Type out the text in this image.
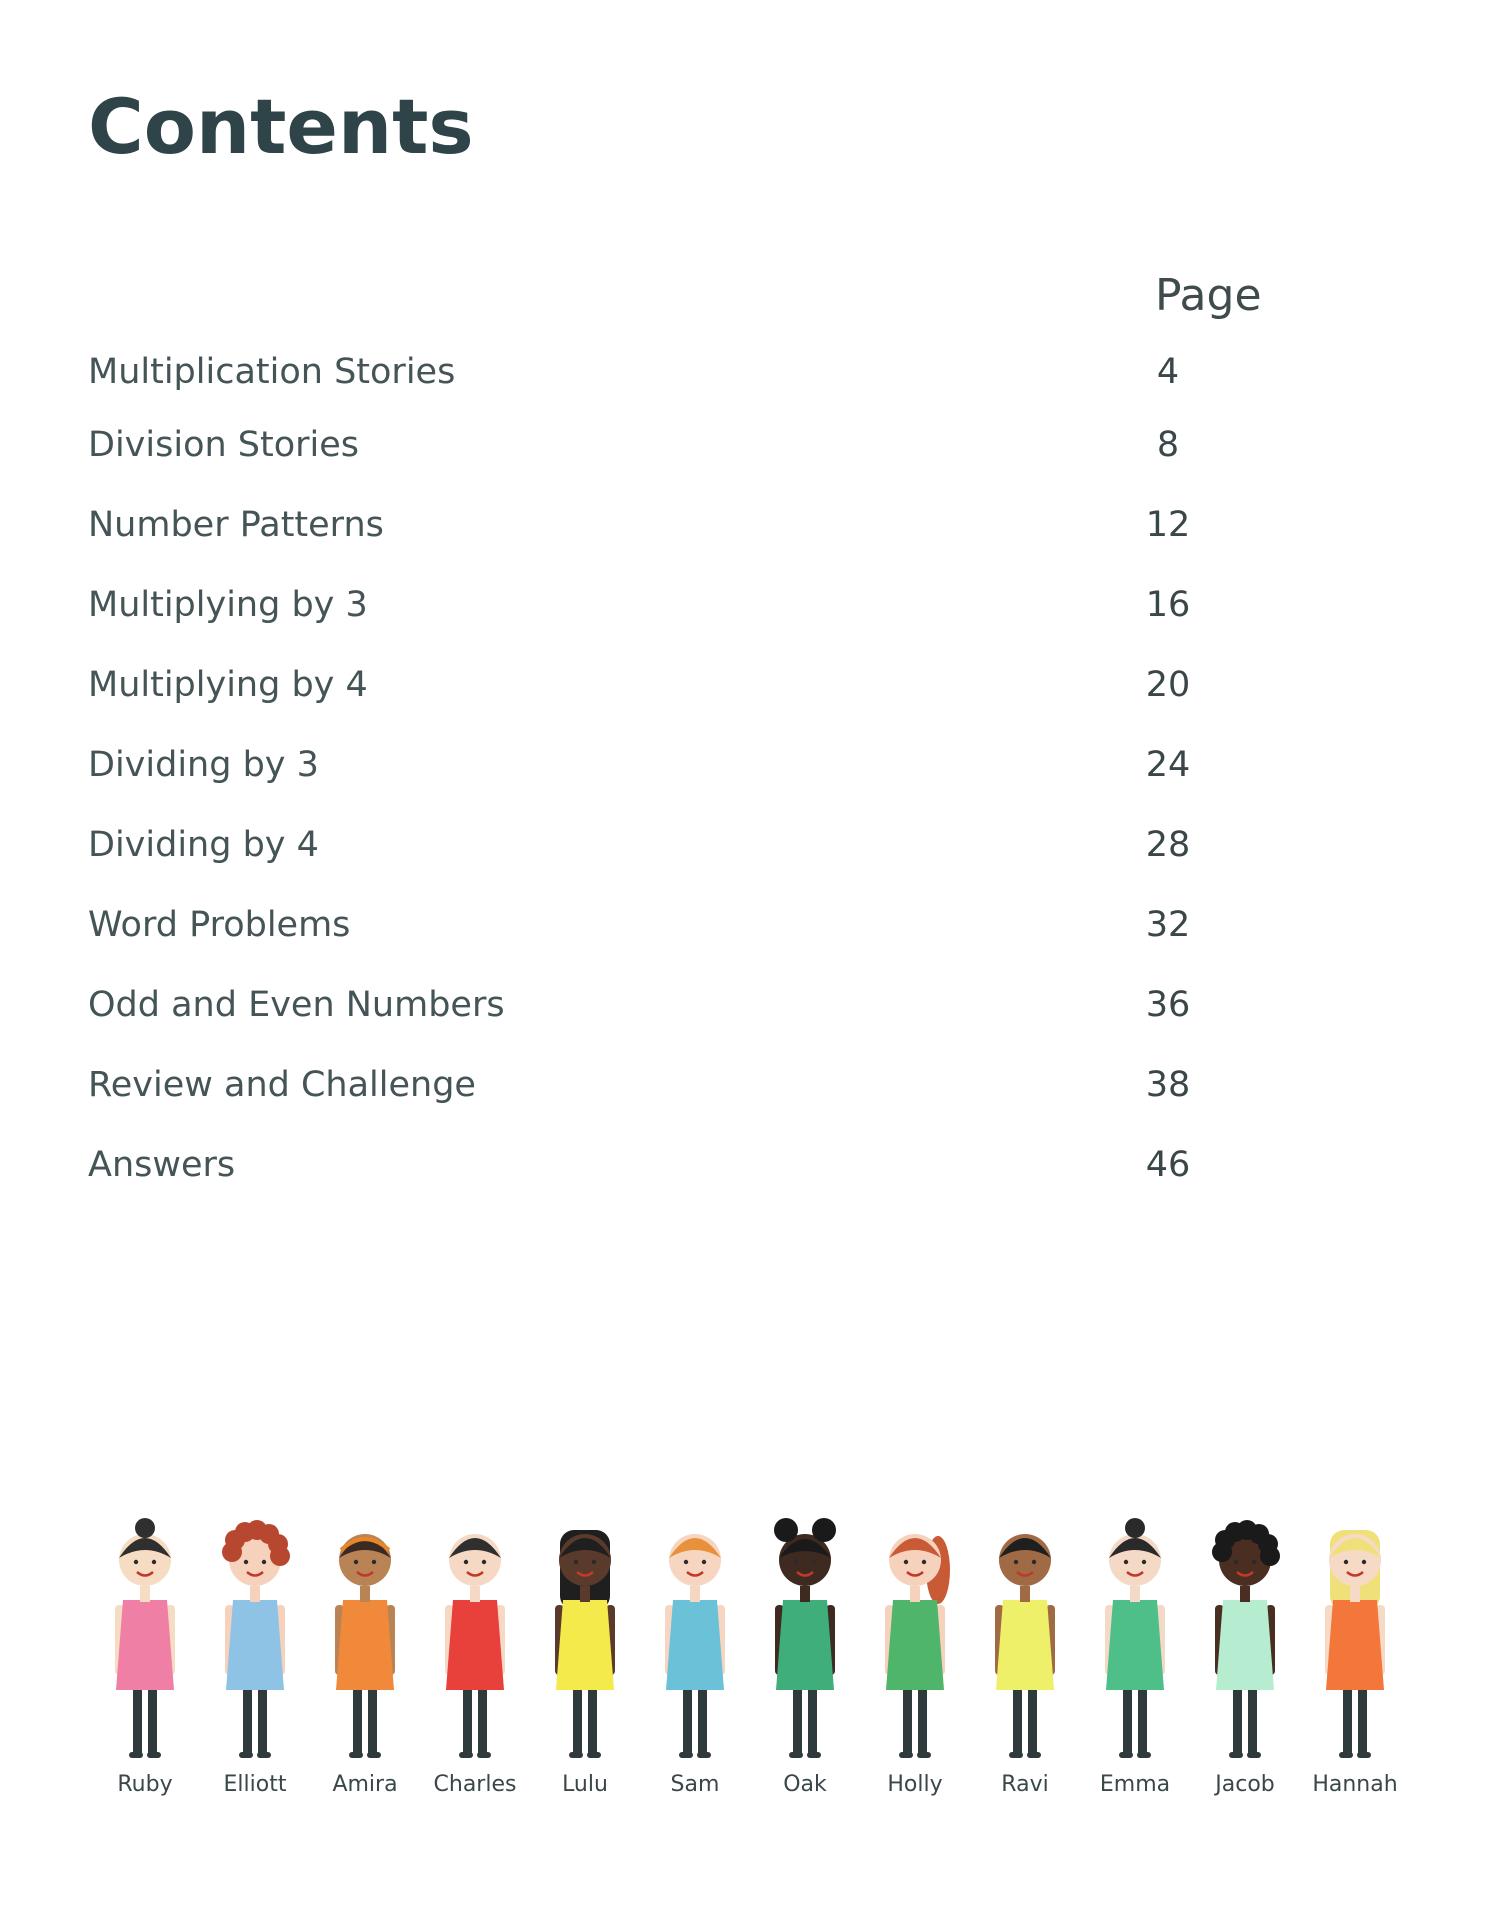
Contents
Page
Multiplication Stories	4
Division Stories	8
Number Patterns	12
Multiplying by 3	16
Multiplying by 4	20
Dividing by 3	24
Dividing by 4	28
Word Problems	32
Odd and Even Numbers	36
Review and Challenge	38
Answers	46
Ruby	Elliott	Amira	Charles	Lulu	Sam	Oak	Holly	Ravi	Emma	Jacob	Hannah
